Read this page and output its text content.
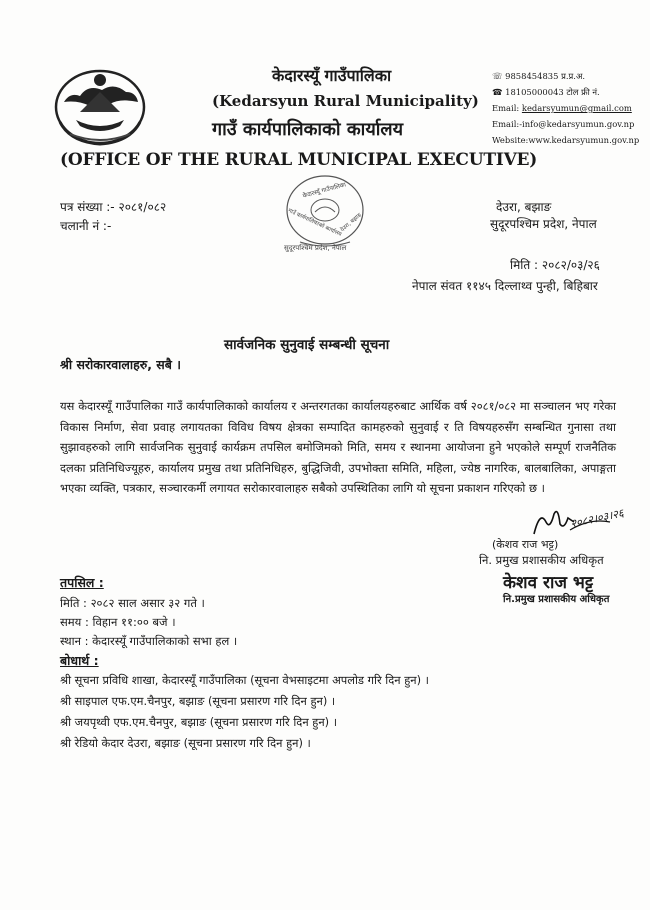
केदारस्यूँ गाउँपालिका
(Kedarsyun Rural Municipality)
गाउँ कार्यपालिकाको कार्यालय
(OFFICE OF THE RURAL MUNICIPAL EXECUTIVE)
☏ 9858454835 प्र.प्र.अ.
☎ 18105000043 टोल फ्री नं.
Email: kedarsyumun@gmail.com
Email:-info@kedarsyumun.gov.np
Website:www.kedarsyumun.gov.np
केदारस्यूँ गाउँपालिका
गाउँ कार्यपालिकाको कार्यालय
देउरा, बझाङ
सुदूरपश्चिम प्रदेश, नेपाल
पत्र संख्या :- २०८१/०८२
चलानी नं :-
देउरा, बझाङ
सुदूरपश्चिम प्रदेश, नेपाल
मिति : २०८२/०३/२६
नेपाल संवत ११४५ दिल्लाथ्व पुन्ही, बिहिबार
सार्वजनिक सुनुवाई सम्बन्धी सूचना
श्री सरोकारवालाहरु, सबै ।
यस केदारस्यूँ गाउँपालिका गाउँ कार्यपालिकाको कार्यालय र अन्तरगतका कार्यालयहरुबाट आर्थिक वर्ष २०८१/०८२ मा सञ्चालन भए गरेका विकास निर्माण, सेवा प्रवाह लगायतका विविध विषय क्षेत्रका सम्पादित कामहरुको सुनुवाई र ति विषयहरुसँग सम्बन्धित गुनासा तथा सुझावहरुको लागि सार्वजनिक सुनुवाई कार्यक्रम तपसिल बमोजिमको मिति, समय र स्थानमा आयोजना हुने भएकोले सम्पूर्ण राजनैतिक दलका प्रतिनिधिज्यूहरु, कार्यालय प्रमुख तथा प्रतिनिधिहरु, बुद्धिजिवी, उपभोक्ता समिति, महिला, ज्येष्ठ नागरिक, बालबालिका, अपाङ्गता भएका व्यक्ति, पत्रकार, सञ्चारकर्मी लगायत सरोकारवालाहरु सबैको उपस्थितिका लागि यो सूचना प्रकाशन गरिएको छ ।
२०८२।०३।२६
(केशव राज भट्ट)
नि. प्रमुख प्रशासकीय अधिकृत
केशव राज भट्ट
नि.प्रमुख प्रशासकीय अधिकृत
तपसिल :
मिति : २०८२ साल असार ३२ गते ।
समय : विहान ११:०० बजे ।
स्थान : केदारस्यूँ गाउँपालिकाको सभा हल ।
बोधार्थ :
श्री सूचना प्रविधि शाखा, केदारस्यूँ गाउँपालिका (सूचना वेभसाइटमा अपलोड गरि दिन हुन) ।
श्री साइपाल एफ.एम.चैनपुर, बझाङ (सूचना प्रसारण गरि दिन हुन) ।
श्री जयपृथ्वी एफ.एम.चैनपुर, बझाङ (सूचना प्रसारण गरि दिन हुन) ।
श्री रेडियो केदार देउरा, बझाङ (सूचना प्रसारण गरि दिन हुन) ।
